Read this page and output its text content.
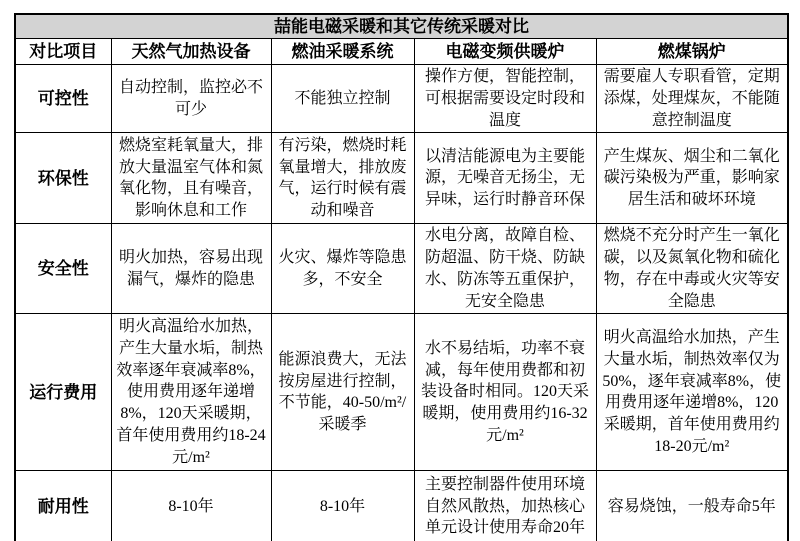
喆能电磁采暖和其它传统采暖对比				
对比项目	天然气加热设备	燃油采暖系统	电磁变频供暖炉	燃煤锅炉
可控性	自动控制，监控必不可少	不能独立控制	操作方便，智能控制，可根据需要设定时段和温度	需要雇人专职看管，定期添煤，处理煤灰，不能随意控制温度
环保性	燃烧室耗氧量大，排放大量温室气体和氮氧化物，且有噪音，影响休息和工作	有污染，燃烧时耗氧量增大，排放废气，运行时候有震动和噪音	以清洁能源电为主要能源，无噪音无扬尘，无异味，运行时静音环保	产生煤灰、烟尘和二氧化碳污染极为严重，影响家居生活和破坏环境
安全性	明火加热，容易出现漏气，爆炸的隐患	火灾、爆炸等隐患多，不安全	水电分离，故障自检、防超温、防干烧、防缺水、防冻等五重保护，无安全隐患	燃烧不充分时产生一氧化碳，以及氮氧化物和硫化物，存在中毒或火灾等安全隐患
运行费用	明火高温给水加热，产生大量水垢，制热效率逐年衰减率8%，使用费用逐年递增8%，120天采暖期，首年使用费用约18-24元/m²	能源浪费大，无法按房屋进行控制，不节能，40-50/m²/采暖季	水不易结垢，功率不衰减，每年使用费都和初装设备时相同。120天采暖期，使用费用约16-32元/m²	明火高温给水加热，产生大量水垢，制热效率仅为50%，逐年衰减率8%，使用费用逐年递增8%，120采暖期，首年使用费用约18-20元/m²
耐用性	8-10年	8-10年	主要控制器件使用环境自然风散热，加热核心单元设计使用寿命20年	容易烧蚀，一般寿命5年
